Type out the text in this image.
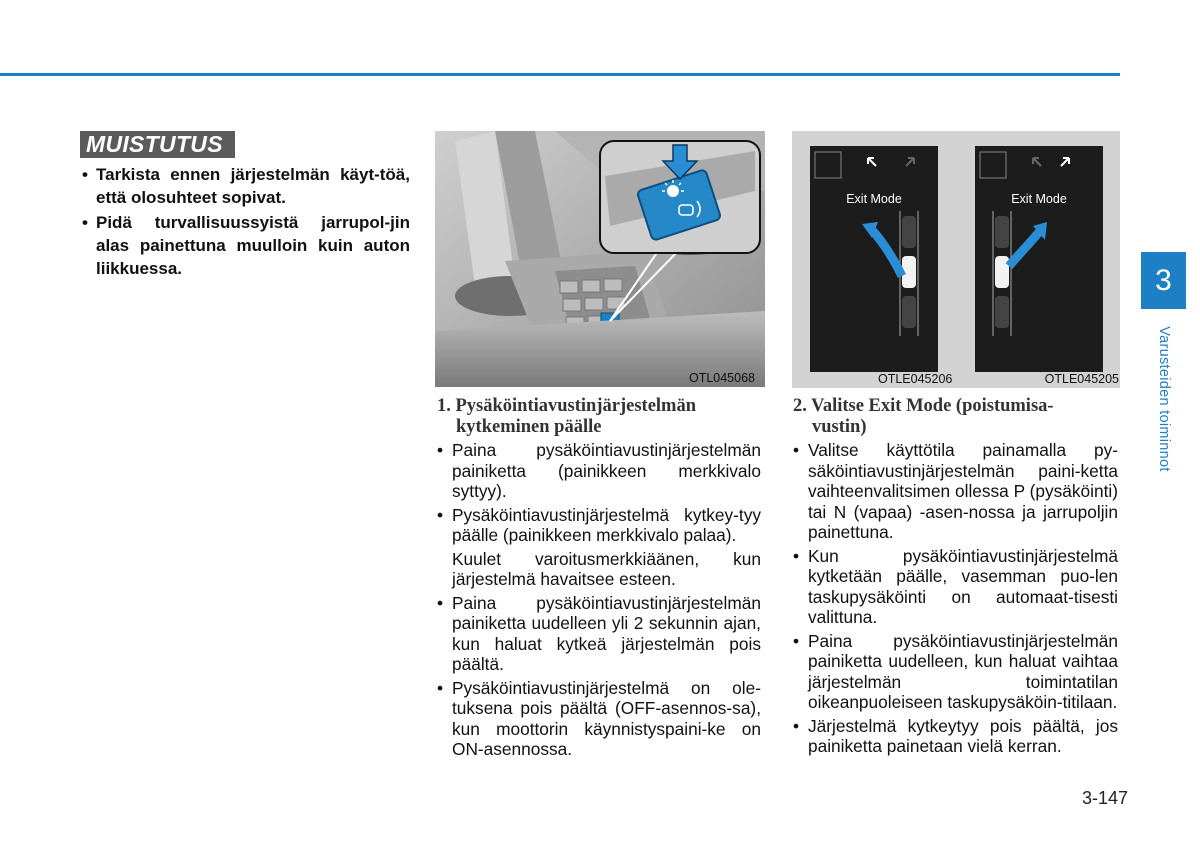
MUISTUTUS
• Tarkista ennen järjestelmän käyt-töä, että olosuhteet sopivat.
• Pidä turvallisuussyistä jarrupol-jin alas painettuna muulloin kuin auton liikkuessa.
OTL045068
Exit Mode	Exit Mode
OTLE045206	OTLE045205
1. Pysäköintiavustinjärjestelmän
kytkeminen päälle
• Paina pysäköintiavustinjärjestelmän painiketta (painikkeen merkkivalo syttyy).
• Pysäköintiavustinjärjestelmä kytkey-tyy päälle (painikkeen merkkivalo palaa).
Kuulet varoitusmerkkiäänen, kun järjestelmä havaitsee esteen.
• Paina pysäköintiavustinjärjestelmän painiketta uudelleen yli 2 sekunnin ajan, kun haluat kytkeä järjestelmän pois päältä.
• Pysäköintiavustinjärjestelmä on ole-tuksena pois päältä (OFF-asennos-sa), kun moottorin käynnistyspaini-ke on ON-asennossa.
2. Valitse Exit Mode (poistumisa-
vustin)
• Valitse käyttötila painamalla py-säköintiavustinjärjestelmän paini-ketta vaihteenvalitsimen ollessa P (pysäköinti) tai N (vapaa) -asen-nossa ja jarrupoljin painettuna.
• Kun pysäköintiavustinjärjestelmä kytketään päälle, vasemman puo-len taskupysäköinti on automaat-tisesti valittuna.
• Paina pysäköintiavustinjärjestelmän painiketta uudelleen, kun haluat vaihtaa järjestelmän toimintatilan oikeanpuoleiseen taskupysäköin-titilaan.
• Järjestelmä kytkeytyy pois päältä, jos painiketta painetaan vielä kerran.
3
Varusteiden toiminnot
3-147
